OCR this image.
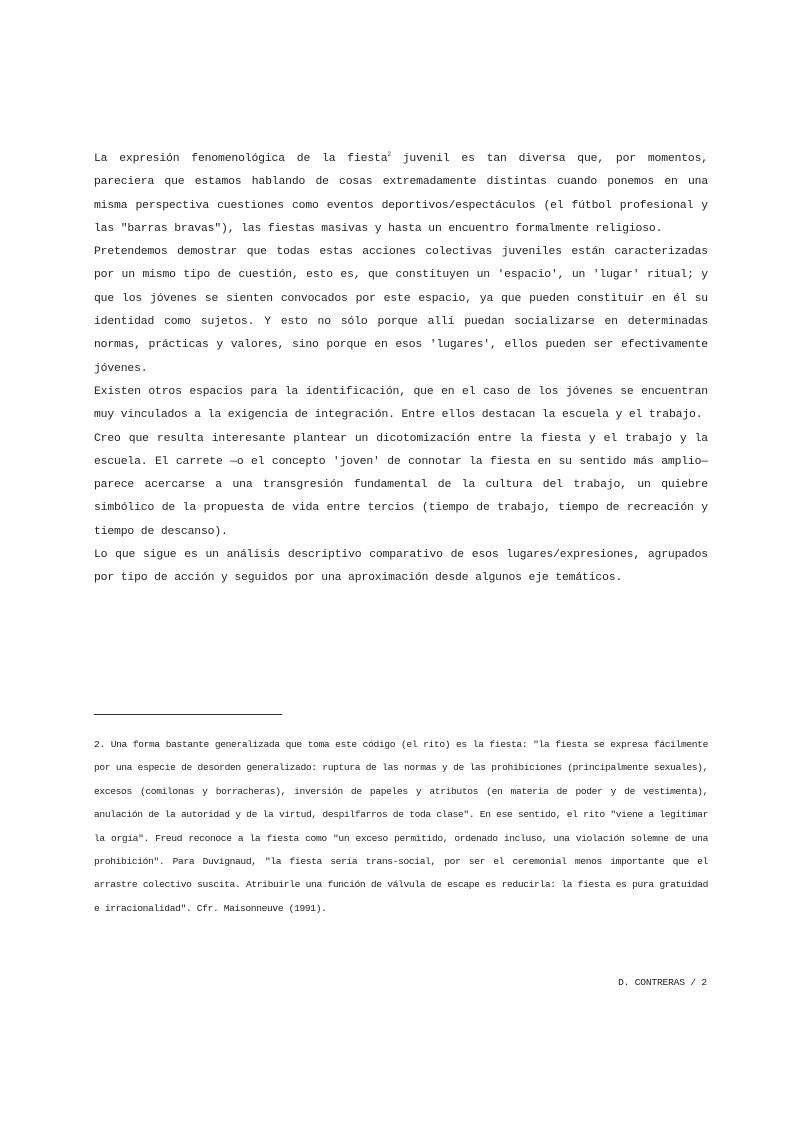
La expresión fenomenológica de la fiesta$^2$ juvenil es tan diversa que, por momentos, pareciera que estamos hablando de cosas extremadamente distintas cuando ponemos en una misma perspectiva cuestiones como eventos deportivos/espectáculos (el fútbol profesional y las "barras bravas"), las fiestas masivas y hasta un encuentro formalmente religioso.

Pretendemos demostrar que todas estas acciones colectivas juveniles están caracterizadas por un mismo tipo de cuestión, esto es, que constituyen un 'espacio', un 'lugar' ritual; y que los jóvenes se sienten convocados por este espacio, ya que pueden constituir en él su identidad como sujetos. Y esto no sólo porque allí puedan socializarse en determinadas normas, prácticas y valores, sino porque en esos 'lugares', ellos pueden ser efectivamente jóvenes.

Existen otros espacios para la identificación, que en el caso de los jóvenes se encuentran muy vinculados a la exigencia de integración. Entre ellos destacan la escuela y el trabajo.

Creo que resulta interesante plantear un dicotomización entre la fiesta y el trabajo y la escuela. El carrete —o el concepto 'joven' de connotar la fiesta en su sentido más amplio— parece acercarse a una transgresión fundamental de la cultura del trabajo, un quiebre simbólico de la propuesta de vida entre tercios (tiempo de trabajo, tiempo de recreación y tiempo de descanso).

Lo que sigue es un análisis descriptivo comparativo de esos lugares/expresiones, agrupados por tipo de acción y seguidos por una aproximación desde algunos eje temáticos.

2. Una forma bastante generalizada que toma este código (el rito) es la fiesta: "la fiesta se expresa fácilmente por una especie de desorden generalizado: ruptura de las normas y de las prohibiciones (principalmente sexuales), excesos (comilonas y borracheras), inversión de papeles y atributos (en materia de poder y de vestimenta), anulación de la autoridad y de la virtud, despilfarros de toda clase". En ese sentido, el rito "viene a legitimar la orgía". Freud reconoce a la fiesta como "un exceso permitido, ordenado incluso, una violación solemne de una prohibición". Para Duvignaud, "la fiesta sería trans-social, por ser el ceremonial menos importante que el arrastre colectivo suscita. Atribuirle una función de válvula de escape es reducirla: la fiesta es pura gratuidad e irracionalidad". Cfr. Maisonneuve (1991).

D. CONTRERAS / 2
